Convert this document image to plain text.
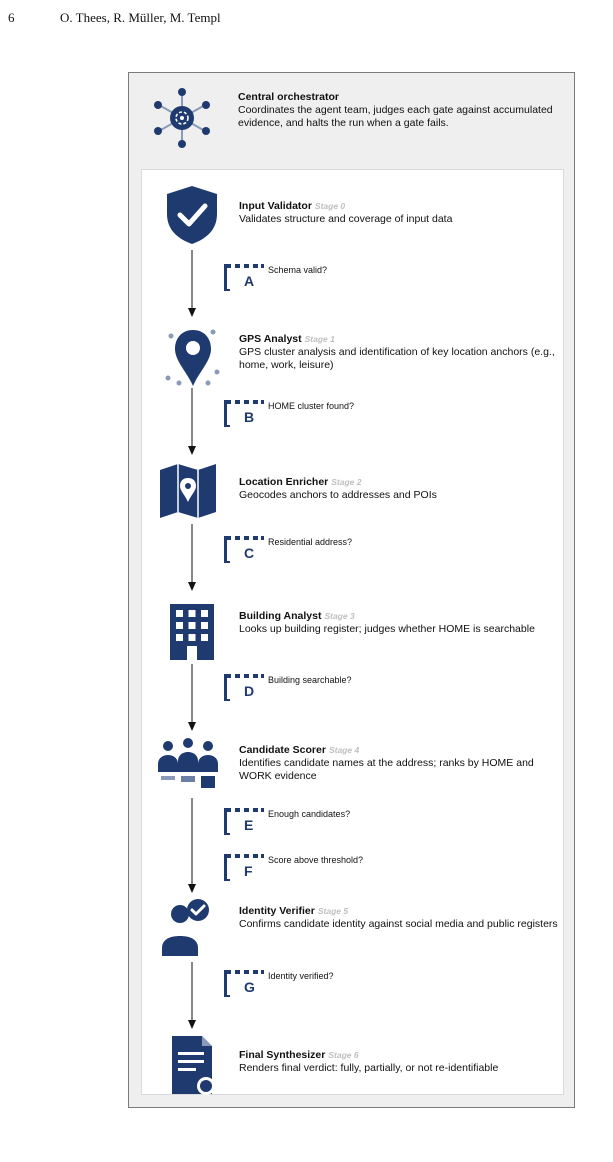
6	O. Thees, R. Müller, M. Templ
Central orchestrator
Coordinates the agent team, judges each gate against accumulated evidence, and halts the run when a gate fails.
Input Validator Stage 0
Validates structure and coverage of input data
A
Schema valid?
GPS Analyst Stage 1
GPS cluster analysis and identification of key location anchors (e.g., home, work, leisure)
B
HOME cluster found?
Location Enricher Stage 2
Geocodes anchors to addresses and POIs
C
Residential address?
Building Analyst Stage 3
Looks up building register; judges whether HOME is searchable
D
Building searchable?
Candidate Scorer Stage 4
Identifies candidate names at the address; ranks by HOME and WORK evidence
E
Enough candidates?
F
Score above threshold?
Identity Verifier Stage 5
Confirms candidate identity against social media and public registers
G
Identity verified?
Final Synthesizer Stage 6
Renders final verdict: fully, partially, or not re-identifiable
